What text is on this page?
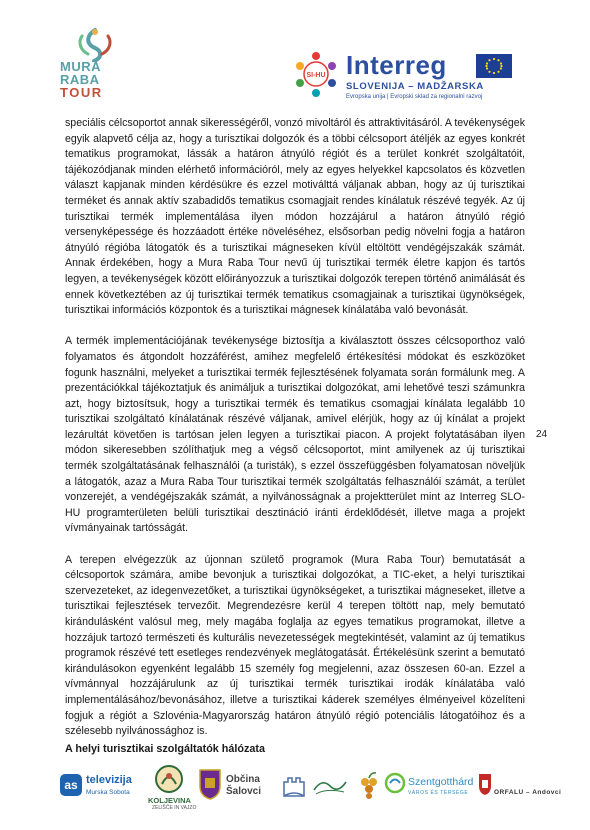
MURA
RABA
TOUR
SI-HU Interreg
SLOVENIJA – MADŽARSKA
Evropska unija | Evropski sklad za regionalni razvoj

speciális célcsoportot annak sikerességéről, vonzó mivoltáról és attraktivitásáról. A tevékenységek egyik alapvető célja az, hogy a turisztikai dolgozók és a többi célcsoport átéljék az egyes konkrét tematikus programokat, lássák a határon átnyúló régiót és a terület konkrét szolgáltatóit, tájékozódjanak minden elérhető információról, mely az egyes helyekkel kapcsolatos és közvetlen választ kapjanak minden kérdésükre és ezzel motiválttá váljanak abban, hogy az új turisztikai terméket és annak aktív szabadidős tematikus csomagjait rendes kínálatuk részévé tegyék. Az új turisztikai termék implementálása ilyen módon hozzájárul a határon átnyúló régió versenyképessége és hozzáadott értéke növeléséhez, elsősorban pedig növelni fogja a határon átnyúló régióba látogatók és a turisztikai mágneseken kívül eltöltött vendégéjszakák számát. Annak érdekében, hogy a Mura Raba Tour nevű új turisztikai termék életre kapjon és tartós legyen, a tevékenységek között előirányozzuk a turisztikai dolgozók terepen történő animálását és ennek következtében az új turisztikai termék tematikus csomagjainak a turisztikai ügynökségek, turisztikai információs központok és a turisztikai mágnesek kínálatába való bevonását.

A termék implementációjának tevékenysége biztosítja a kiválasztott összes célcsoporthoz való folyamatos és átgondolt hozzáférést, amihez megfelelő értékesítési módokat és eszközöket fogunk használni, melyeket a turisztikai termék fejlesztésének folyamata során formálunk meg. A prezentációkkal tájékoztatjuk és animáljuk a turisztikai dolgozókat, ami lehetővé teszi számunkra azt, hogy biztosítsuk, hogy a turisztikai termék és tematikus csomagjai kínálata legalább 10 turisztikai szolgáltató kínálatának részévé váljanak, amivel elérjük, hogy az új kínálat a projekt lezárultát követően is tartósan jelen legyen a turisztikai piacon. A projekt folytatásában ilyen módon sikeresebben szólíthatjuk meg a végső célcsoportot, mint amilyenek az új turisztikai termék szolgáltatásának felhasználói (a turisták), s ezzel összefüggésben folyamatosan növeljük a látogatók, azaz a Mura Raba Tour turisztikai termék szolgáltatás felhasználói számát, a terület vonzerejét, a vendégéjszakák számát, a nyilvánosságnak a projektterület mint az Interreg SLO-HU programterületen belüli turisztikai desztináció iránti érdeklődését, illetve maga a projekt vívmányainak tartósságát.

A terepen elvégezzük az újonnan születő programok (Mura Raba Tour) bemutatását a célcsoportok számára, amibe bevonjuk a turisztikai dolgozókat, a TIC-eket, a helyi turisztikai szervezeteket, az idegenvezetőket, a turisztikai ügynökségeket, a turisztikai mágneseket, illetve a turisztikai fejlesztések tervezőit. Megrendezésre kerül 4 terepen töltött nap, mely bemutató kirándulásként valósul meg, mely magába foglalja az egyes tematikus programokat, illetve a hozzájuk tartozó természeti és kulturális nevezetességek megtekintését, valamint az új tematikus programok részévé tett esetleges rendezvények meglátogatását. Értékelésünk szerint a bemutató kirándulásokon egyenként legalább 15 személy fog megjelenni, azaz összesen 60-an. Ezzel a vívmánnyal hozzájárulunk az új turisztikai termék turisztikai irodák kínálatába való implementálásához/bevonásához, illetve a turisztikai káderek személyes élményeivel közelíteni fogjuk a régiót a Szlovénia-Magyarország határon átnyúló régió potenciális látogatóihoz és a szélesebb nyilvánossághoz is.

24
A helyi turisztikai szolgáltatók hálózata
as televizija
Murska Sobota
KOLJEVINA
ZELIŠČE IN VAJZO
Občina
Šalovci
Szentgotthárd
VÁROS ÉS TÉRSÉGE	ORFALU – Andovci
